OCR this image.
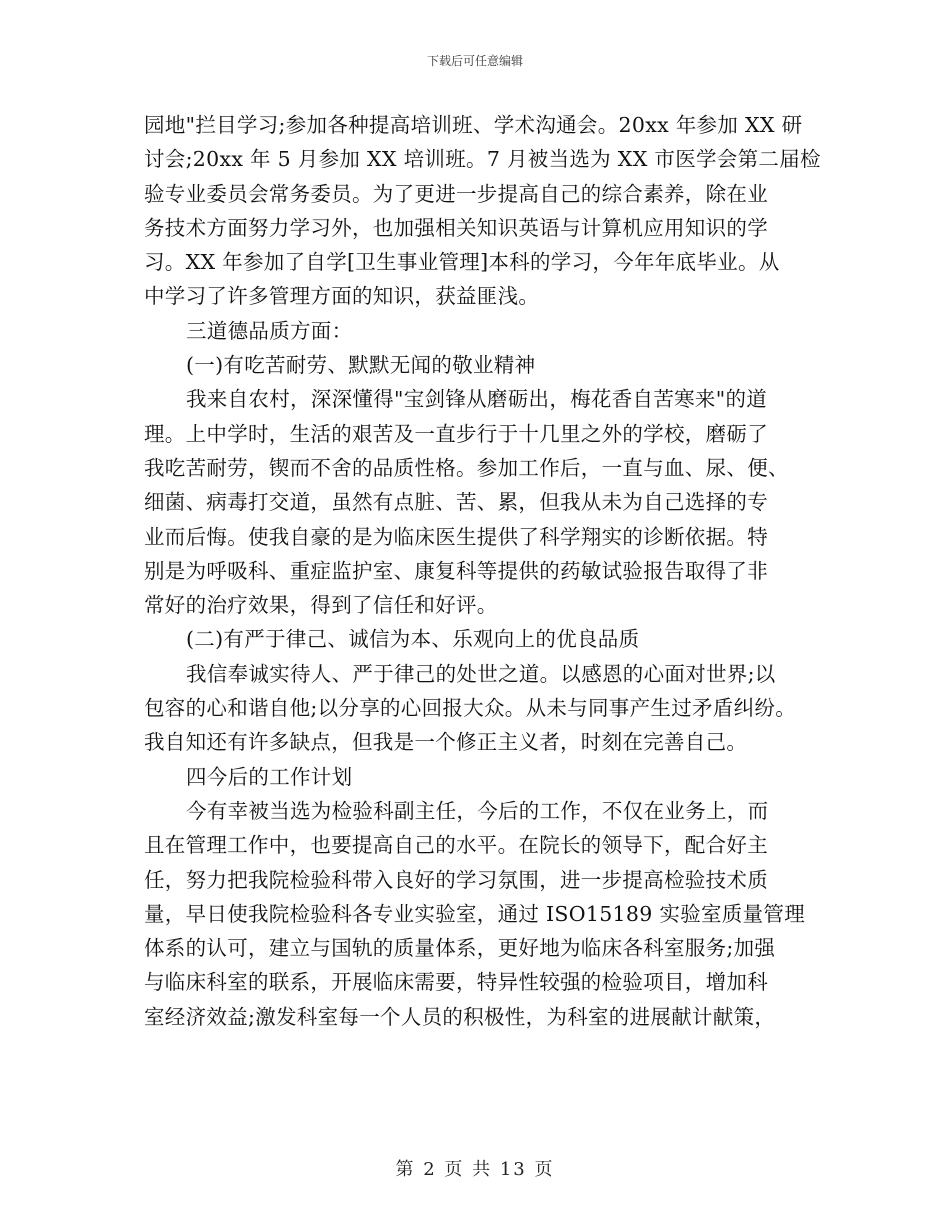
下载后可任意编辑
园地"拦目学习;参加各种提高培训班、学术沟通会。20xx 年参加 XX 研
讨会;20xx 年 5 月参加 XX 培训班。7 月被当选为 XX 市医学会第二届检
验专业委员会常务委员。为了更进一步提高自己的综合素养，除在业
务技术方面努力学习外，也加强相关知识英语与计算机应用知识的学
习。XX 年参加了自学[卫生事业管理]本科的学习，今年年底毕业。从
中学习了许多管理方面的知识，获益匪浅。
三道德品质方面：
(一)有吃苦耐劳、默默无闻的敬业精神
我来自农村，深深懂得"宝剑锋从磨砺出，梅花香自苦寒来"的道
理。上中学时，生活的艰苦及一直步行于十几里之外的学校，磨砺了
我吃苦耐劳，锲而不舍的品质性格。参加工作后，一直与血、尿、便、
细菌、病毒打交道，虽然有点脏、苦、累，但我从未为自己选择的专
业而后悔。使我自豪的是为临床医生提供了科学翔实的诊断依据。特
别是为呼吸科、重症监护室、康复科等提供的药敏试验报告取得了非
常好的治疗效果，得到了信任和好评。
(二)有严于律己、诚信为本、乐观向上的优良品质
我信奉诚实待人、严于律己的处世之道。以感恩的心面对世界;以
包容的心和谐自他;以分享的心回报大众。从未与同事产生过矛盾纠纷。
我自知还有许多缺点，但我是一个修正主义者，时刻在完善自己。
四今后的工作计划
今有幸被当选为检验科副主任，今后的工作，不仅在业务上，而
且在管理工作中，也要提高自己的水平。在院长的领导下，配合好主
任，努力把我院检验科带入良好的学习氛围，进一步提高检验技术质
量，早日使我院检验科各专业实验室，通过 ISO15189 实验室质量管理
体系的认可，建立与国轨的质量体系，更好地为临床各科室服务;加强
与临床科室的联系，开展临床需要，特异性较强的检验项目，增加科
室经济效益;激发科室每一个人员的积极性，为科室的进展献计献策，
第 2 页 共 13 页
